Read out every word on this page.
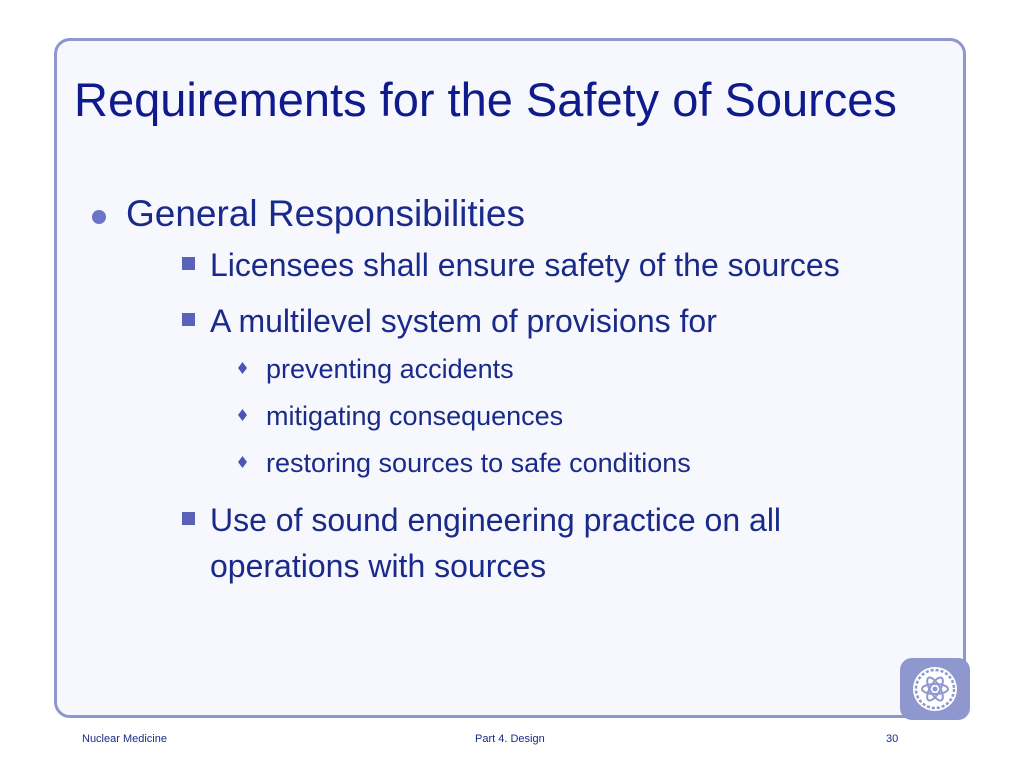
Requirements for the Safety of Sources
General Responsibilities
Licensees shall ensure safety of the sources
A multilevel system of provisions for
preventing accidents
mitigating consequences
restoring sources to safe conditions
Use of sound engineering practice on all operations with sources
Nuclear Medicine	Part 4. Design	30
